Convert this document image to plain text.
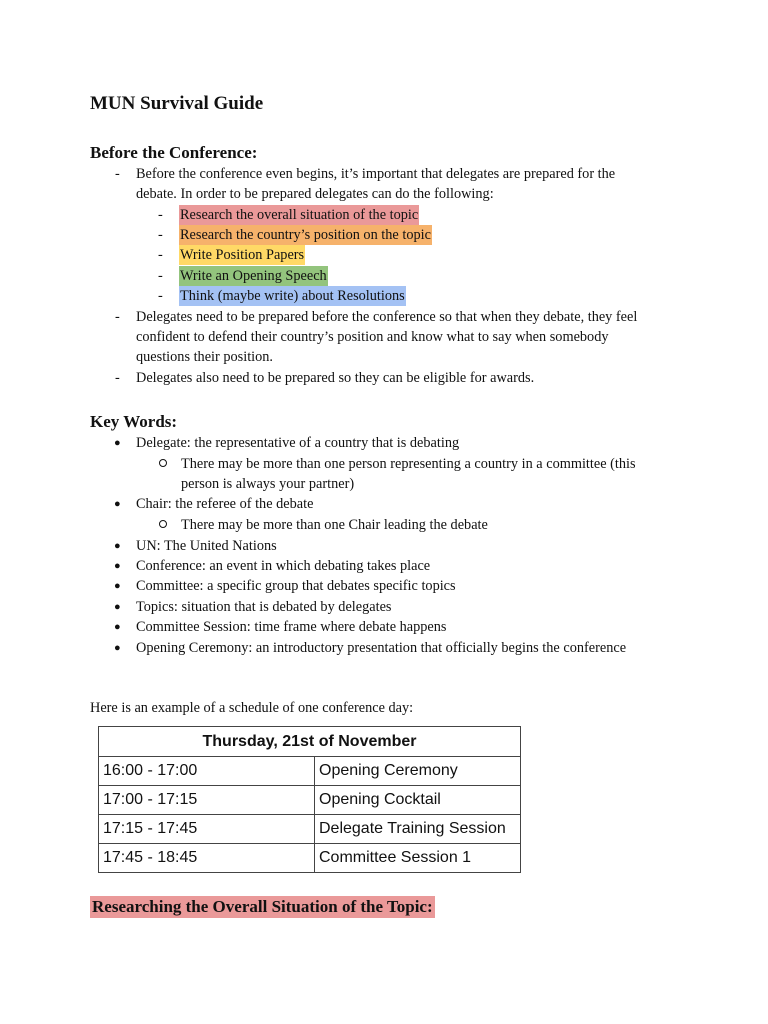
MUN Survival Guide
Before the Conference:
- Before the conference even begins, it’s important that delegates are prepared for the
debate. In order to be prepared delegates can do the following:
- Research the overall situation of the topic
- Research the country’s position on the topic
- Write Position Papers
- Write an Opening Speech
- Think (maybe write) about Resolutions
- Delegates need to be prepared before the conference so that when they debate, they feel
confident to defend their country’s position and know what to say when somebody
questions their position.
- Delegates also need to be prepared so they can be eligible for awards.
Key Words:
● Delegate: the representative of a country that is debating
There may be more than one person representing a country in a committee (this
person is always your partner)
● Chair: the referee of the debate
There may be more than one Chair leading the debate
● UN: The United Nations
● Conference: an event in which debating takes place
● Committee: a specific group that debates specific topics
● Topics: situation that is debated by delegates
● Committee Session: time frame where debate happens
● Opening Ceremony: an introductory presentation that officially begins the conference
Here is an example of a schedule of one conference day:
Thursday, 21st of November	
16:00 - 17:00	Opening Ceremony
17:00 - 17:15	Opening Cocktail
17:15 - 17:45	Delegate Training Session
17:45 - 18:45	Committee Session 1
Researching the Overall Situation of the Topic:
